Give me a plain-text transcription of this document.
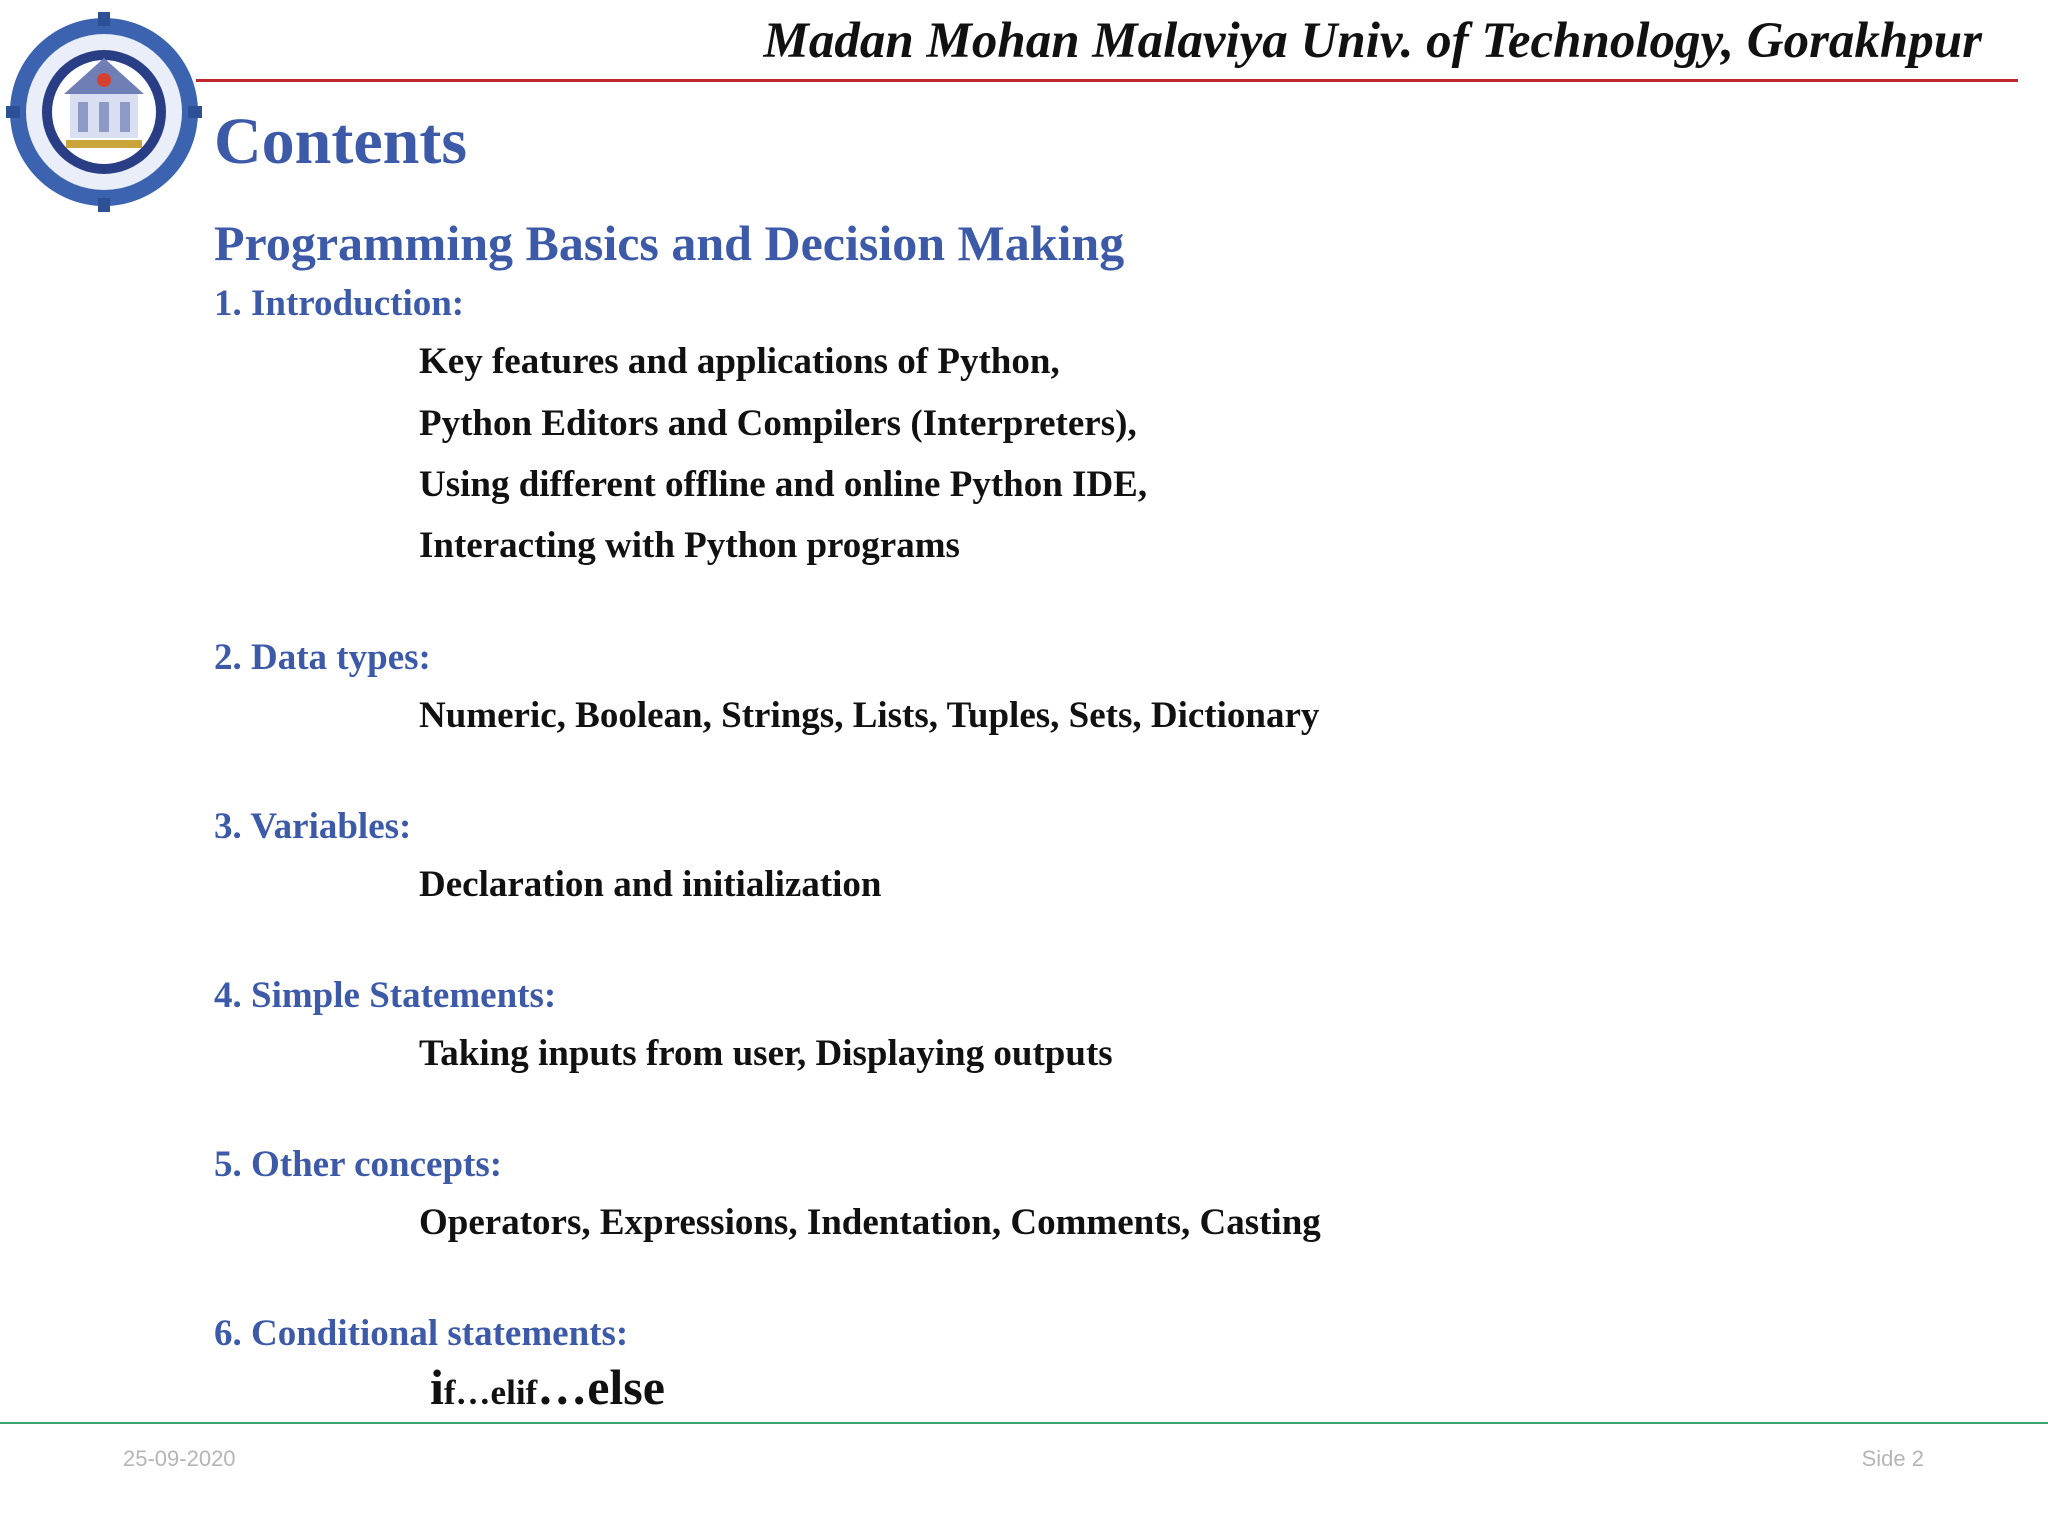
Madan Mohan Malaviya Univ. of Technology, Gorakhpur
Contents
Programming Basics and Decision Making
1. Introduction:
Key features and applications of Python,
Python Editors and Compilers (Interpreters),
Using different offline and online Python IDE,
Interacting with Python programs
2. Data types:
Numeric, Boolean, Strings, Lists, Tuples, Sets, Dictionary
3. Variables:
Declaration and initialization
4. Simple Statements:
Taking inputs from user, Displaying outputs
5. Other concepts:
Operators, Expressions, Indentation, Comments, Casting
6. Conditional statements:
if…elif…else
25-09-2020	Side 2
